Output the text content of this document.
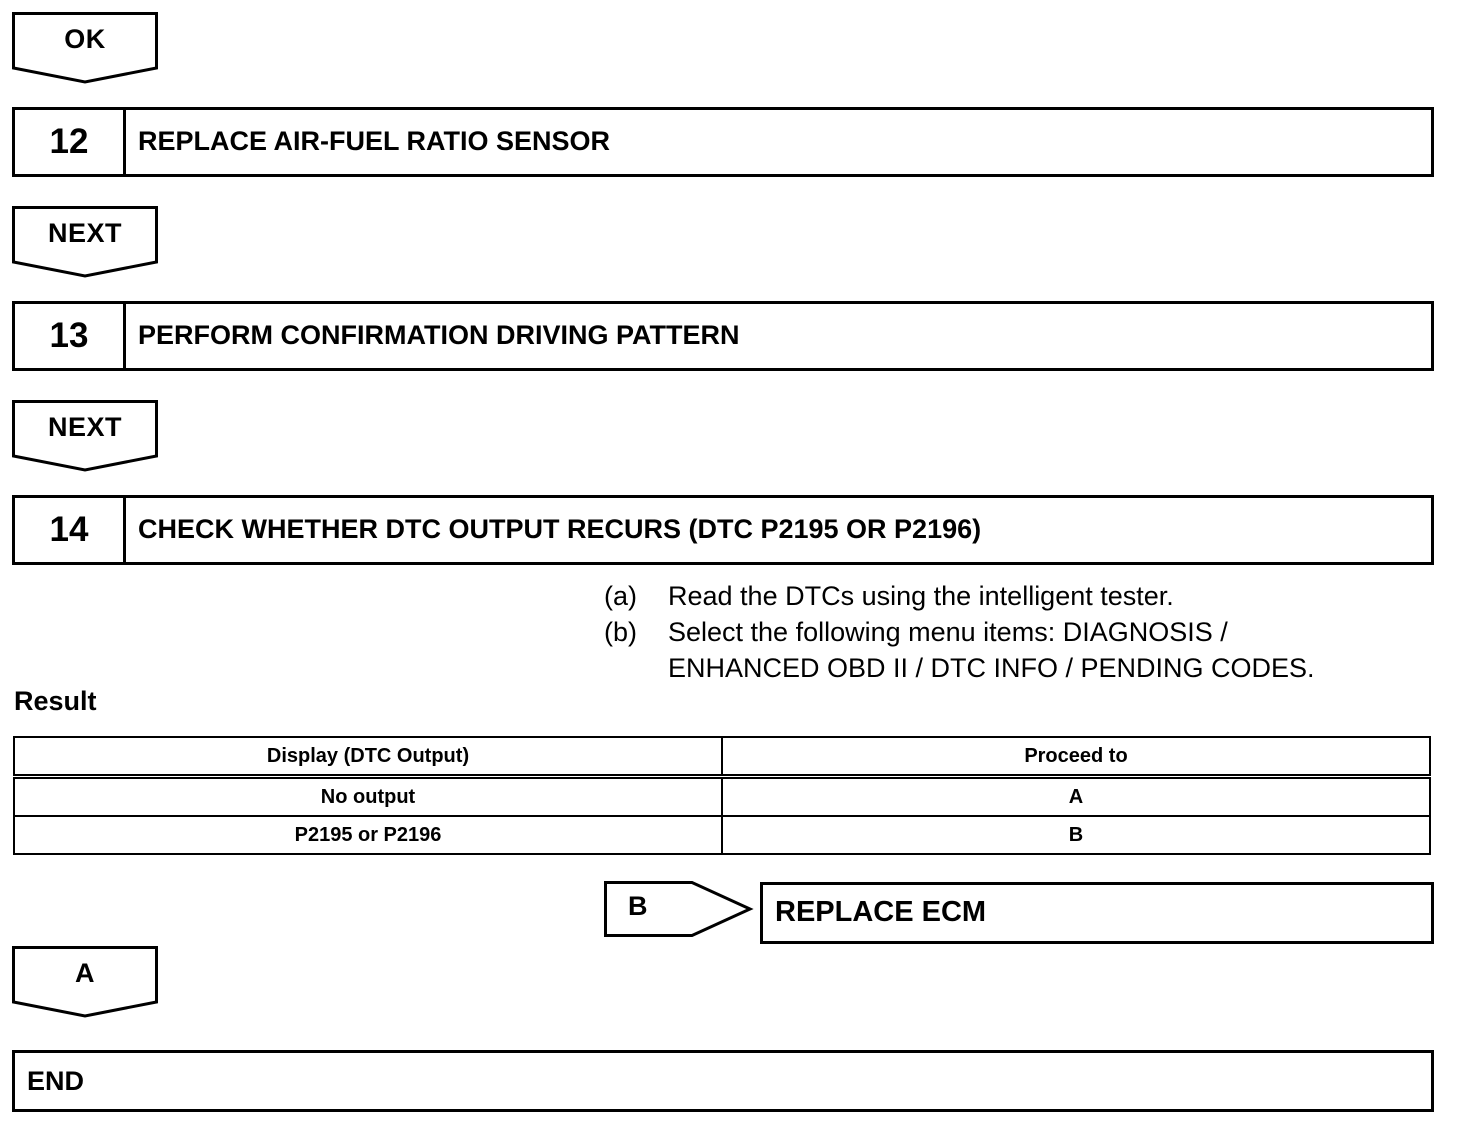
OK
12	REPLACE AIR-FUEL RATIO SENSOR
NEXT
13	PERFORM CONFIRMATION DRIVING PATTERN
NEXT
14	CHECK WHETHER DTC OUTPUT RECURS (DTC P2195 OR P2196)
(a) Read the DTCs using the intelligent tester.
(b) Select the following menu items: DIAGNOSIS /
ENHANCED OBD II / DTC INFO / PENDING CODES.
Result
Display (DTC Output)	Proceed to
No output	A
P2195 or P2196	B
B	REPLACE ECM
A
END
